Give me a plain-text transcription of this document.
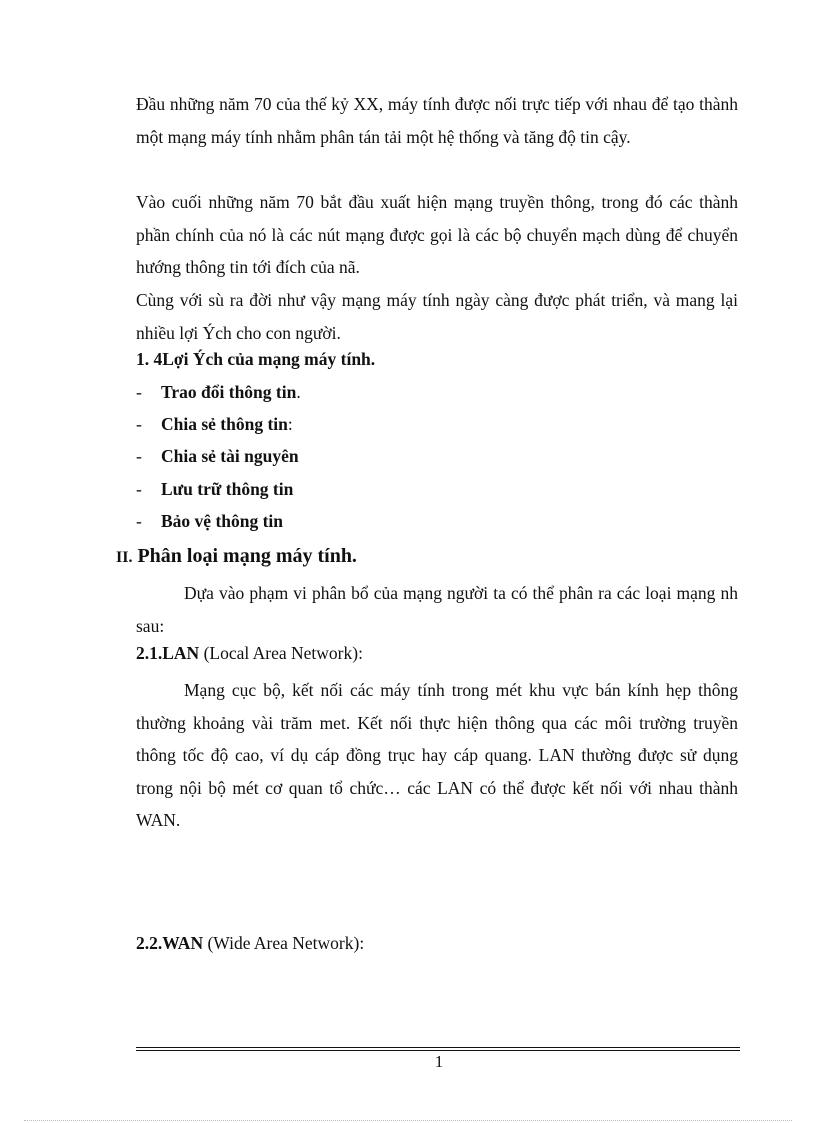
Đầu những năm 70 của thế kỷ XX, máy tính được nối trực tiếp với nhau để tạo thành một mạng máy tính nhằm phân tán tải một hệ thống và tăng độ tin cậy.

Vào cuối những năm 70 bắt đầu xuất hiện mạng truyền thông, trong đó các thành phần chính của nó là các nút mạng được gọi là các bộ chuyển mạch dùng để chuyển hướng thông tin tới đích của nã.

Cùng với sù ra đời như vậy mạng máy tính ngày càng được phát triển, và mang lại nhiều lợi Ých cho con người.

1. 4Lợi Ých của mạng máy tính.
- Trao đổi thông tin.
- Chia sẻ thông tin:
- Chia sẻ tài nguyên
- Lưu trữ thông tin
- Bảo vệ thông tin
II. Phân loại mạng máy tính.

Dựa vào phạm vi phân bổ của mạng người ta có thể phân ra các loại mạng nh sau:

2.1.LAN (Local Area Network):

Mạng cục bộ, kết nối các máy tính trong mét khu vực bán kính hẹp thông thường khoảng vài trăm met. Kết nối thực hiện thông qua các môi trường truyền thông tốc độ cao, ví dụ cáp đồng trục hay cáp quang. LAN thường được sử dụng trong nội bộ mét cơ quan tổ chức… các LAN có thể được kết nối với nhau thành WAN.

2.2.WAN (Wide Area Network):
1
